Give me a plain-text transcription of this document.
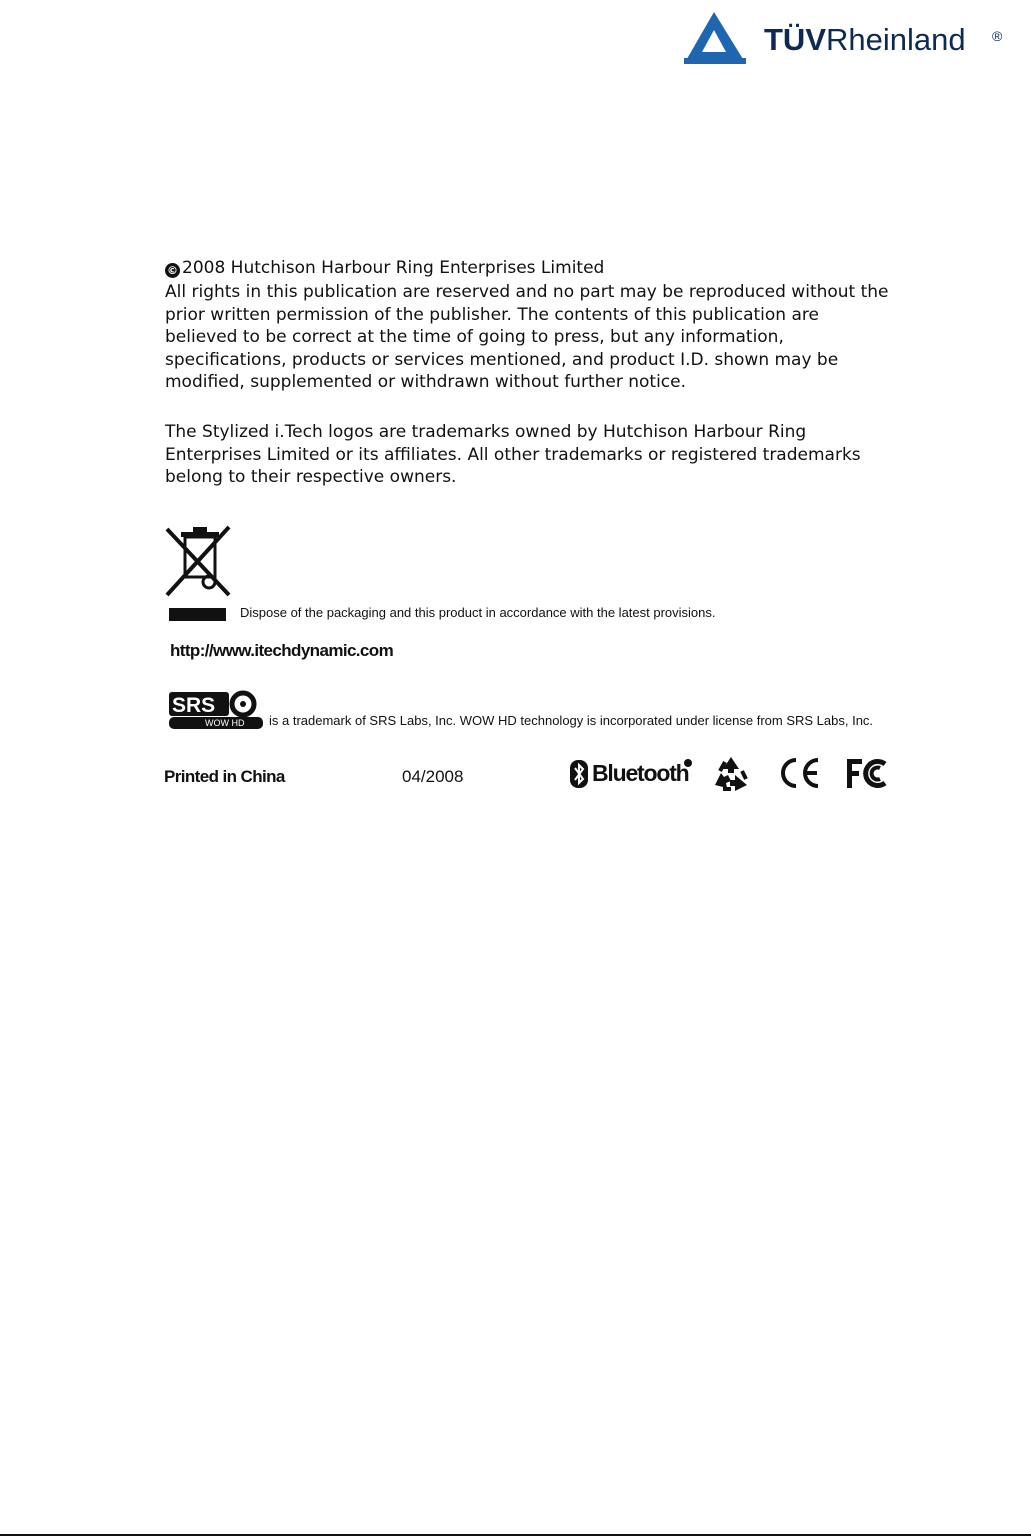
TÜVRheinland ®
© 2008 Hutchison Harbour Ring Enterprises Limited
All rights in this publication are reserved and no part may be reproduced without the prior written permission of the publisher. The contents of this publication are believed to be correct at the time of going to press, but any information, specifications, products or services mentioned, and product I.D. shown may be modified, supplemented or withdrawn without further notice.
The Stylized i.Tech logos are trademarks owned by Hutchison Harbour Ring Enterprises Limited or its affiliates. All other trademarks or registered trademarks belong to their respective owners.
Dispose of the packaging and this product in accordance with the latest provisions.
http://www.itechdynamic.com
SRS
WOW HD is a trademark of SRS Labs, Inc. WOW HD technology is incorporated under license from SRS Labs, Inc.
Printed in China	04/2008	Bluetooth
